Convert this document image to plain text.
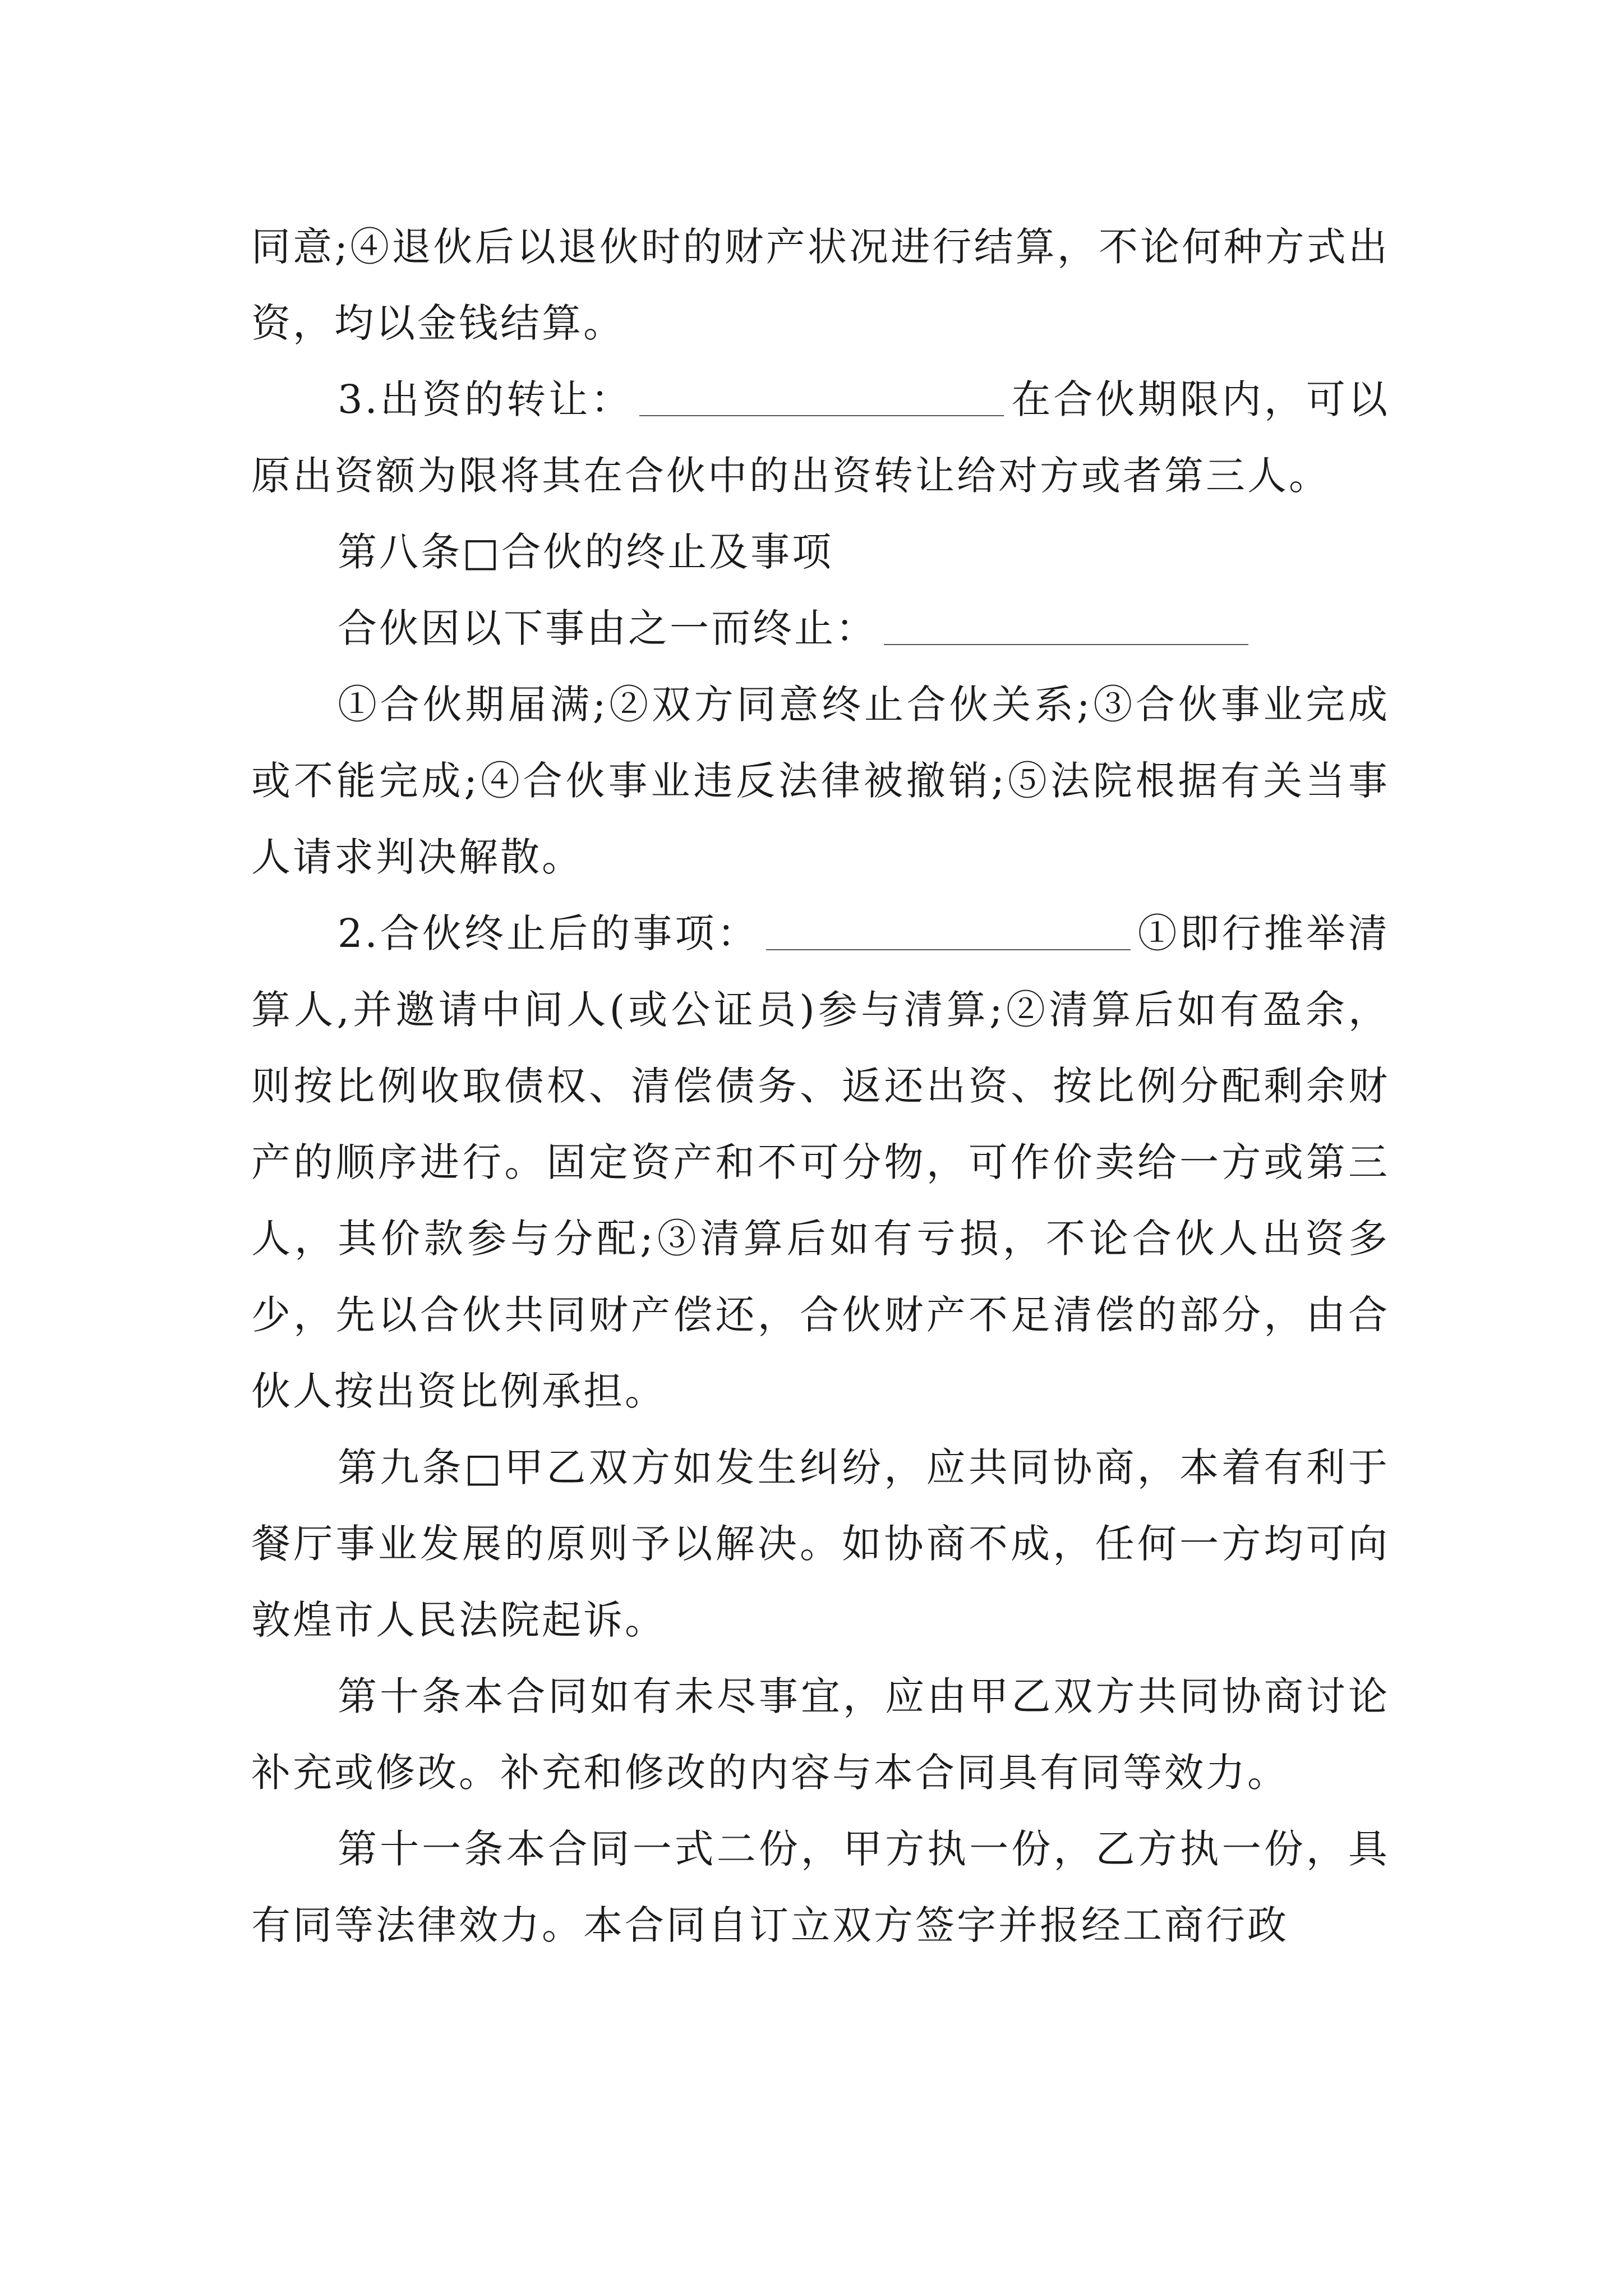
同意;④退伙后以退伙时的财产状况进行结算，不论何种方式出资，均以金钱结算。

3.出资的转让：	在合伙期限内，可以原出资额为限将其在合伙中的出资转让给对方或者第三人。

第八条□合伙的终止及事项

合伙因以下事由之一而终止：

①合伙期届满;②双方同意终止合伙关系;③合伙事业完成或不能完成;④合伙事业违反法律被撤销;⑤法院根据有关当事人请求判决解散。

2.合伙终止后的事项：	①即行推举清算人,并邀请中间人(或公证员)参与清算;②清算后如有盈余，则按比例收取债权、清偿债务、返还出资、按比例分配剩余财产的顺序进行。固定资产和不可分物，可作价卖给一方或第三人，其价款参与分配;③清算后如有亏损，不论合伙人出资多少，先以合伙共同财产偿还，合伙财产不足清偿的部分，由合伙人按出资比例承担。

第九条□甲乙双方如发生纠纷，应共同协商，本着有利于餐厅事业发展的原则予以解决。如协商不成，任何一方均可向敦煌市人民法院起诉。

第十条本合同如有未尽事宜，应由甲乙双方共同协商讨论补充或修改。补充和修改的内容与本合同具有同等效力。

第十一条本合同一式二份，甲方执一份，乙方执一份，具有同等法律效力。本合同自订立双方签字并报经工商行政
